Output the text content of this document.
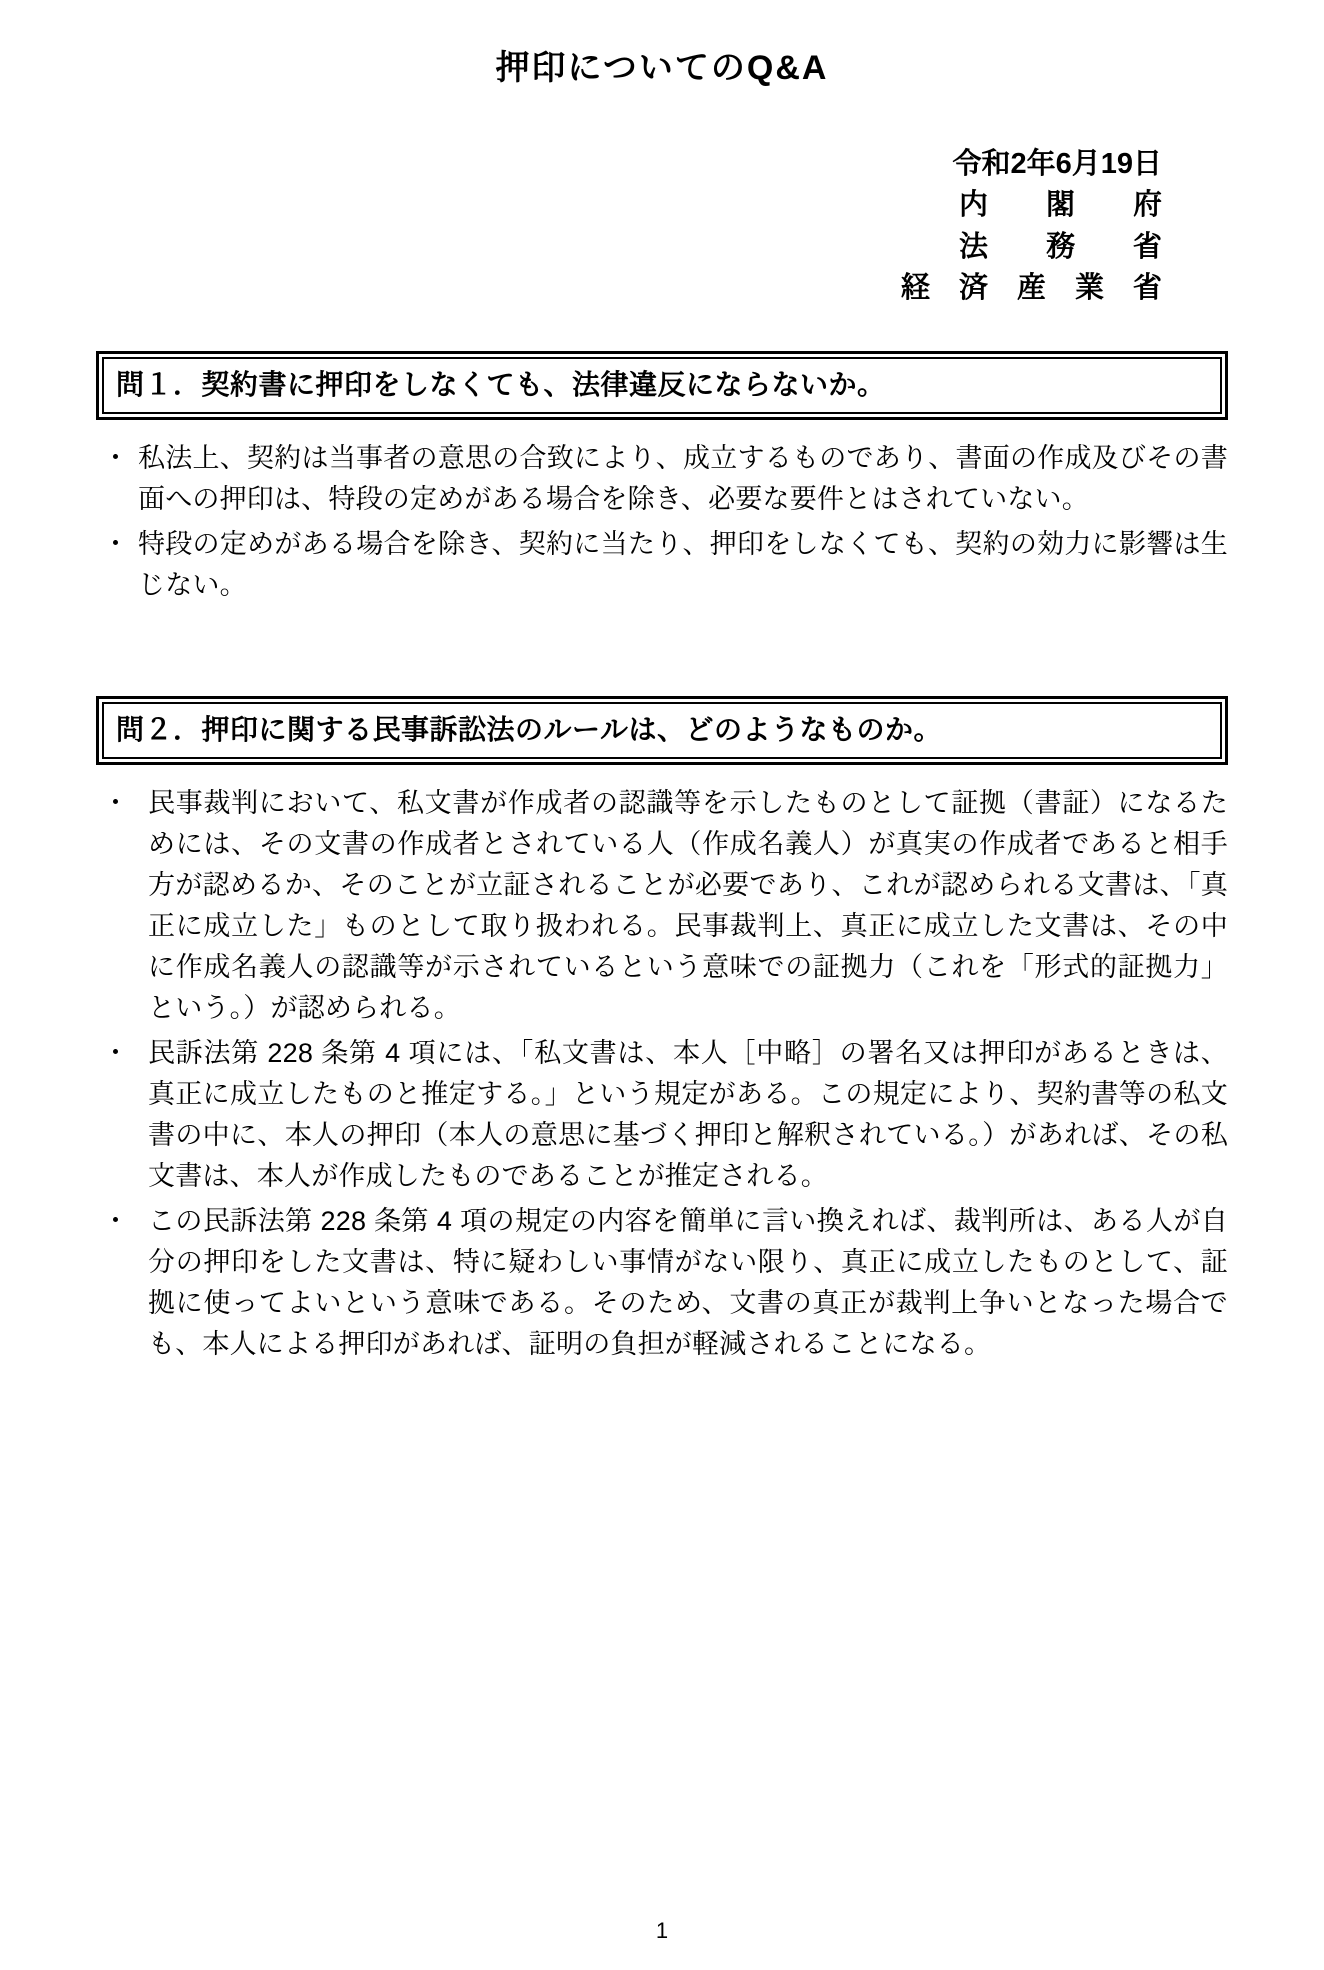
押印についてのQ&A
令和2年6月19日
内　　閣　　府
法　　務　　省
経　済　産　業　省
問１．契約書に押印をしなくても、法律違反にならないか。
・ 私法上、契約は当事者の意思の合致により、成立するものであり、書面の作成及びその書面への押印は、特段の定めがある場合を除き、必要な要件とはされていない。
・ 特段の定めがある場合を除き、契約に当たり、押印をしなくても、契約の効力に影響は生じない。
問２．押印に関する民事訴訟法のルールは、どのようなものか。
・ 民事裁判において、私文書が作成者の認識等を示したものとして証拠（書証）になるためには、その文書の作成者とされている人（作成名義人）が真実の作成者であると相手方が認めるか、そのことが立証されることが必要であり、これが認められる文書は、「真正に成立した」ものとして取り扱われる。民事裁判上、真正に成立した文書は、その中に作成名義人の認識等が示されているという意味での証拠力（これを「形式的証拠力」という。）が認められる。
・ 民訴法第 228 条第 4 項には、「私文書は、本人［中略］の署名又は押印があるときは、真正に成立したものと推定する。」という規定がある。この規定により、契約書等の私文書の中に、本人の押印（本人の意思に基づく押印と解釈されている。）があれば、その私文書は、本人が作成したものであることが推定される。
・ この民訴法第 228 条第 4 項の規定の内容を簡単に言い換えれば、裁判所は、ある人が自分の押印をした文書は、特に疑わしい事情がない限り、真正に成立したものとして、証拠に使ってよいという意味である。そのため、文書の真正が裁判上争いとなった場合でも、本人による押印があれば、証明の負担が軽減されることになる。
1
